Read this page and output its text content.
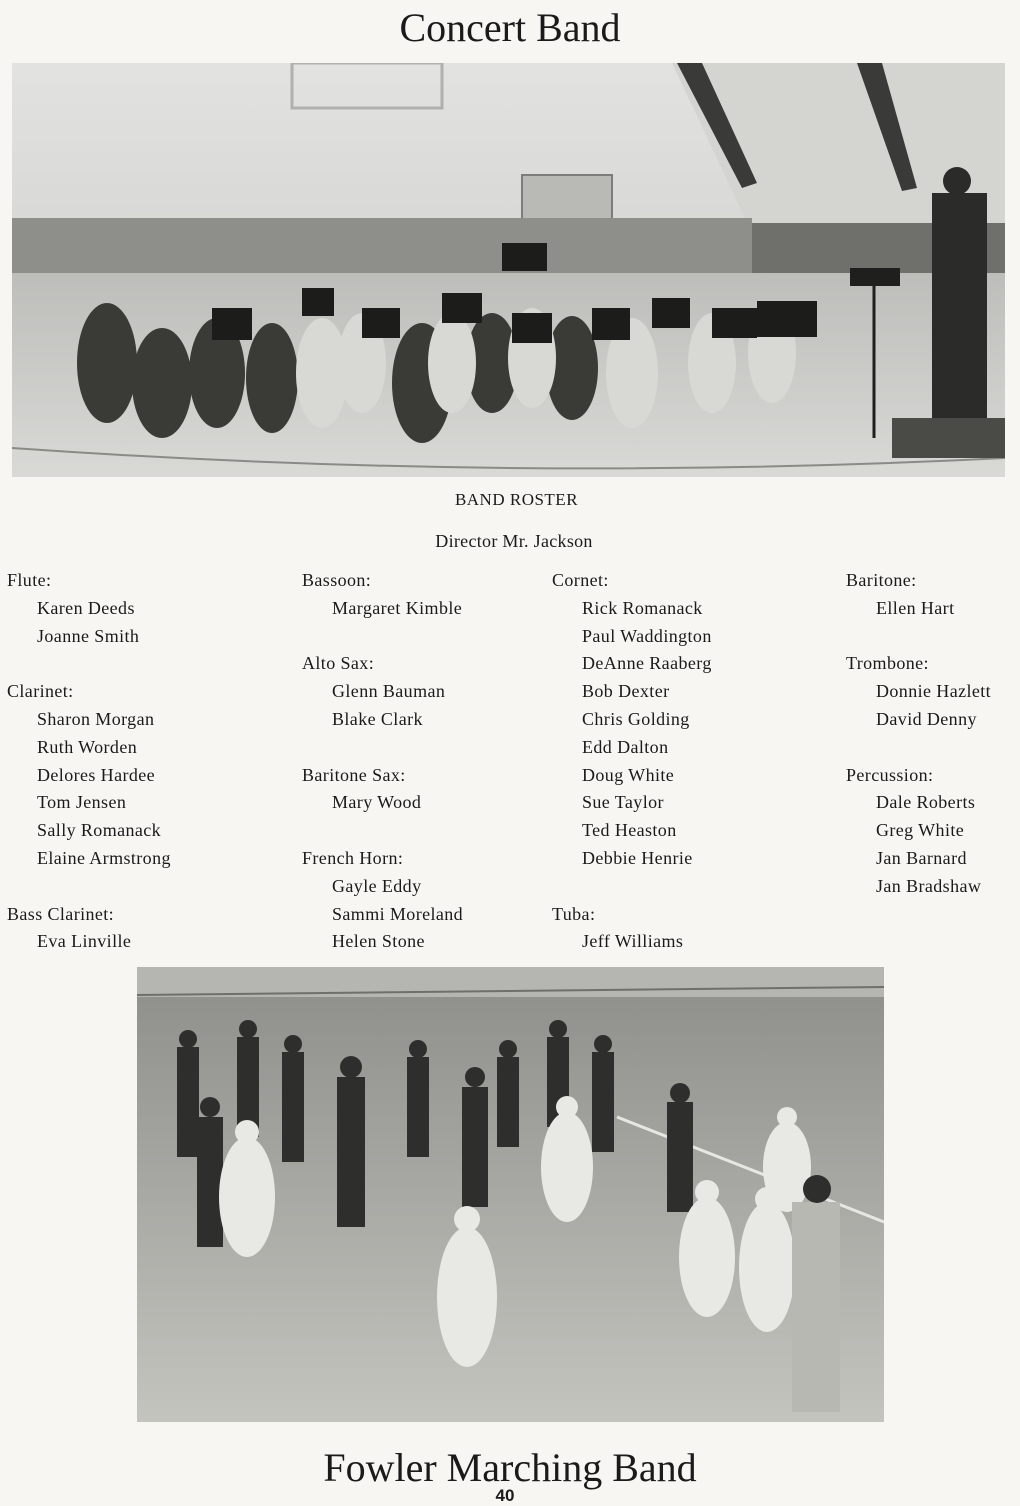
Concert Band
BAND ROSTER
Director Mr. Jackson
Flute:
Karen Deeds
Joanne Smith
Clarinet:
Sharon Morgan
Ruth Worden
Delores Hardee
Tom Jensen
Sally Romanack
Elaine Armstrong
Bass Clarinet:
Eva Linville
Bassoon:
Margaret Kimble
Alto Sax:
Glenn Bauman
Blake Clark
Baritone Sax:
Mary Wood
French Horn:
Gayle Eddy
Sammi Moreland
Helen Stone
Cornet:
Rick Romanack
Paul Waddington
DeAnne Raaberg
Bob Dexter
Chris Golding
Edd Dalton
Doug White
Sue Taylor
Ted Heaston
Debbie Henrie
Tuba:
Jeff Williams
Baritone:
Ellen Hart
Trombone:
Donnie Hazlett
David Denny
Percussion:
Dale Roberts
Greg White
Jan Barnard
Jan Bradshaw
Fowler Marching Band
40
